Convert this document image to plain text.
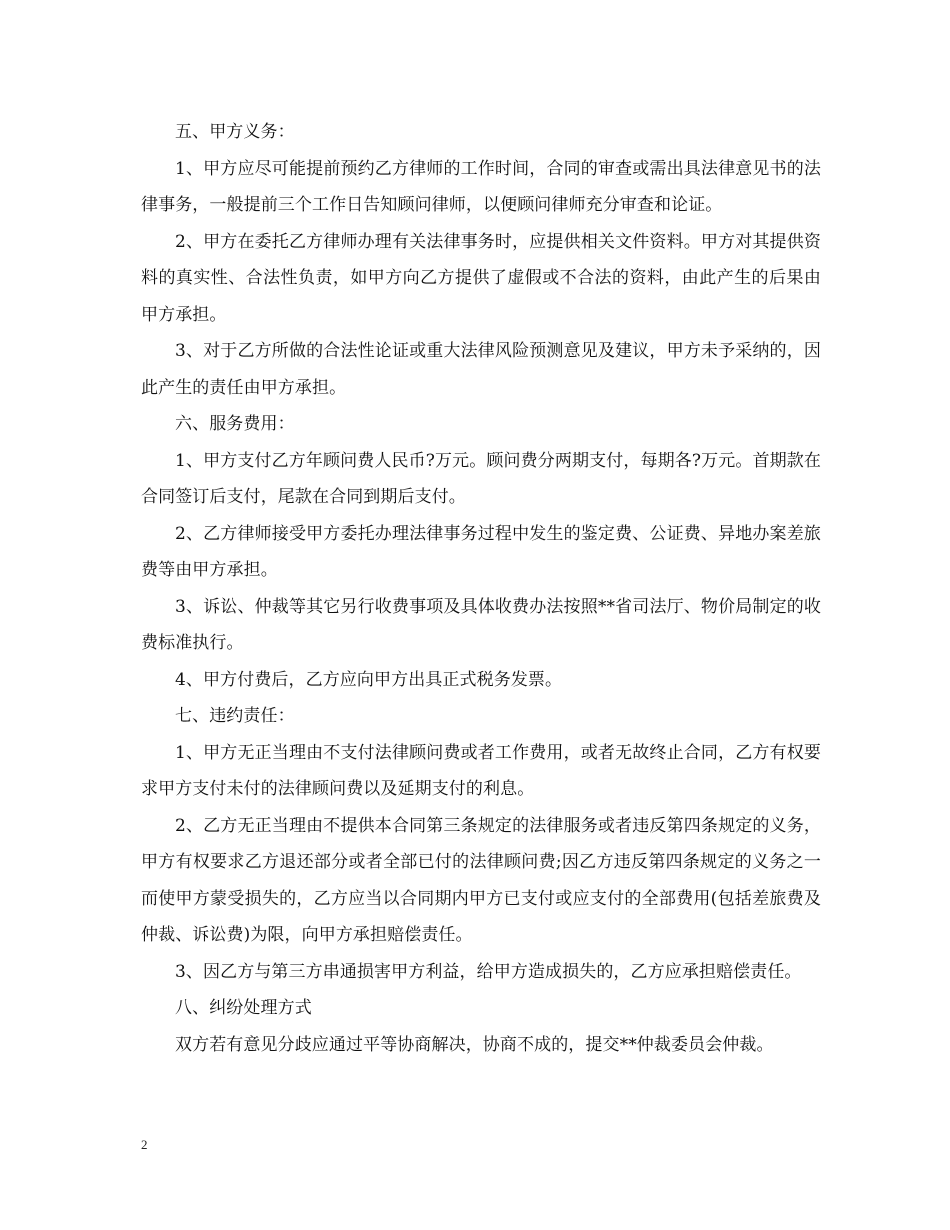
五、甲方义务：

1、甲方应尽可能提前预约乙方律师的工作时间，合同的审查或需出具法律意见书的法律事务，一般提前三个工作日告知顾问律师，以便顾问律师充分审查和论证。

2、甲方在委托乙方律师办理有关法律事务时，应提供相关文件资料。甲方对其提供资料的真实性、合法性负责，如甲方向乙方提供了虚假或不合法的资料，由此产生的后果由甲方承担。

3、对于乙方所做的合法性论证或重大法律风险预测意见及建议，甲方未予采纳的，因此产生的责任由甲方承担。

六、服务费用：

1、甲方支付乙方年顾问费人民币?万元。顾问费分两期支付，每期各?万元。首期款在合同签订后支付，尾款在合同到期后支付。

2、乙方律师接受甲方委托办理法律事务过程中发生的鉴定费、公证费、异地办案差旅费等由甲方承担。

3、诉讼、仲裁等其它另行收费事项及具体收费办法按照**省司法厅、物价局制定的收费标准执行。

4、甲方付费后，乙方应向甲方出具正式税务发票。

七、违约责任：

1、甲方无正当理由不支付法律顾问费或者工作费用，或者无故终止合同，乙方有权要求甲方支付未付的法律顾问费以及延期支付的利息。

2、乙方无正当理由不提供本合同第三条规定的法律服务或者违反第四条规定的义务，甲方有权要求乙方退还部分或者全部已付的法律顾问费;因乙方违反第四条规定的义务之一而使甲方蒙受损失的，乙方应当以合同期内甲方已支付或应支付的全部费用(包括差旅费及仲裁、诉讼费)为限，向甲方承担赔偿责任。

3、因乙方与第三方串通损害甲方利益，给甲方造成损失的，乙方应承担赔偿责任。

八、纠纷处理方式

双方若有意见分歧应通过平等协商解决，协商不成的，提交**仲裁委员会仲裁。

2
